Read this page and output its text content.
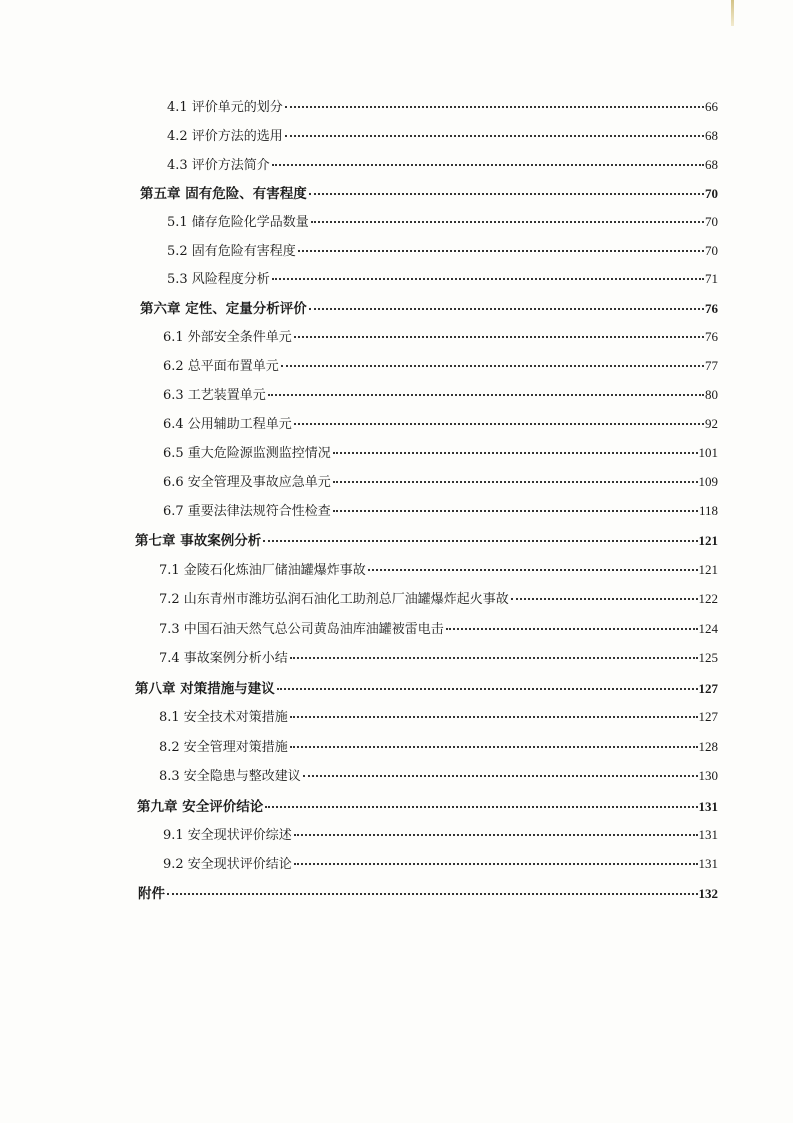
4.1 评价单元的划分	66
4.2 评价方法的选用	68
4.3 评价方法简介	68
第五章 固有危险、有害程度	70
5.1 储存危险化学品数量	70
5.2 固有危险有害程度	70
5.3 风险程度分析	71
第六章 定性、定量分析评价	76
6.1 外部安全条件单元	76
6.2 总平面布置单元	77
6.3 工艺装置单元	80
6.4 公用辅助工程单元	92
6.5 重大危险源监测监控情况	101
6.6 安全管理及事故应急单元	109
6.7 重要法律法规符合性检查	118
第七章 事故案例分析	121
7.1 金陵石化炼油厂储油罐爆炸事故	121
7.2 山东青州市潍坊弘润石油化工助剂总厂油罐爆炸起火事故	122
7.3 中国石油天然气总公司黄岛油库油罐被雷电击	124
7.4 事故案例分析小结	125
第八章 对策措施与建议	127
8.1 安全技术对策措施	127
8.2 安全管理对策措施	128
8.3 安全隐患与整改建议	130
第九章 安全评价结论	131
9.1 安全现状评价综述	131
9.2 安全现状评价结论	131
附件	132
